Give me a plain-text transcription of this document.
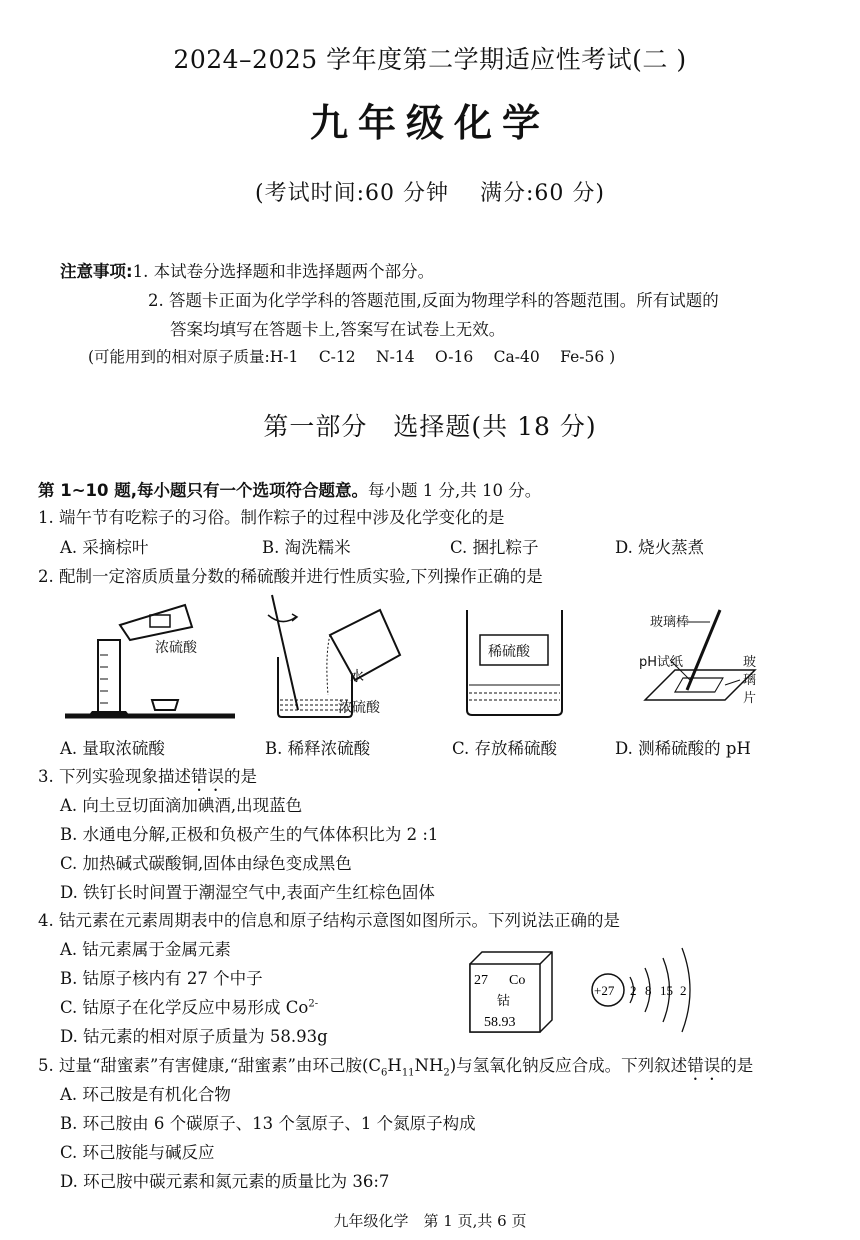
2024–2025 学年度第二学期适应性考试(二 )
九年级化学
(考试时间:60 分钟　 满分:60 分)
注意事项:1. 本试卷分选择题和非选择题两个部分。
2. 答题卡正面为化学学科的答题范围,反面为物理学科的答题范围。所有试题的
答案均填写在答题卡上,答案写在试卷上无效。
(可能用到的相对原子质量:H-1　 C-12　 N-14　 O-16　 Ca-40　 Fe-56 )
第一部分　选择题(共 18 分)
第 1~10 题,每小题只有一个选项符合题意。每小题 1 分,共 10 分。
1. 端午节有吃粽子的习俗。制作粽子的过程中涉及化学变化的是
A. 采摘棕叶	B. 淘洗糯米	C. 捆扎粽子	D. 烧火蒸煮
2. 配制一定溶质质量分数的稀硫酸并进行性质实验,下列操作正确的是
浓硫酸
水
浓硫酸
稀硫酸
玻璃棒
pH试纸	玻
璃
片
A. 量取浓硫酸	B. 稀释浓硫酸	C. 存放稀硫酸	D. 测稀硫酸的 pH
3. 下列实验现象描述错误的是
A. 向土豆切面滴加碘酒,出现蓝色
B. 水通电分解,正极和负极产生的气体体积比为 2 :1
C. 加热碱式碳酸铜,固体由绿色变成黑色
D. 铁钉长时间置于潮湿空气中,表面产生红棕色固体
4. 钴元素在元素周期表中的信息和原子结构示意图如图所示。下列说法正确的是
A. 钴元素属于金属元素
B. 钴原子核内有 27 个中子
C. 钴原子在化学反应中易形成 $Co^{2-}$
D. 钴元素的相对原子质量为 58.93g
27 Co
钴
58.93
+27 2 8 15 2
5. 过量“甜蜜素”有害健康,“甜蜜素”由环己胺$(C_6H_{11}NH_2)$与氢氧化钠反应合成。下列叙述错误的是
A. 环己胺是有机化合物
B. 环己胺由 6 个碳原子、13 个氢原子、1 个氮原子构成
C. 环己胺能与碱反应
D. 环己胺中碳元素和氮元素的质量比为 36:7
九年级化学　第 1 页,共 6 页
